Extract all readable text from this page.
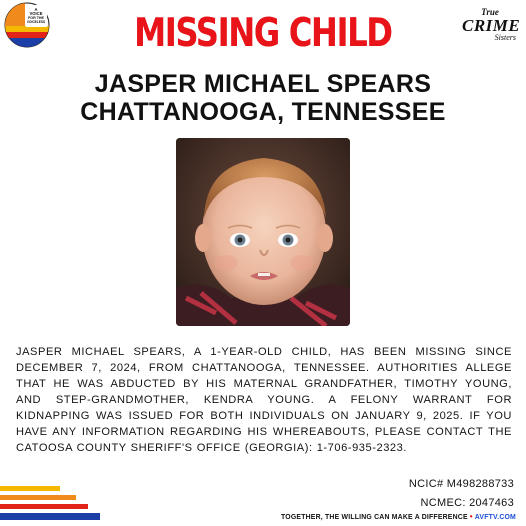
A
VOICE
FOR THE
VOICELESS
True
CRIME
Sisters
MISSING CHILD
JASPER MICHAEL SPEARS
CHATTANOOGA, TENNESSEE
JASPER MICHAEL SPEARS, A 1-YEAR-OLD CHILD, HAS BEEN MISSING SINCE DECEMBER 7, 2024, FROM CHATTANOOGA, TENNESSEE. AUTHORITIES ALLEGE THAT HE WAS ABDUCTED BY HIS MATERNAL GRANDFATHER, TIMOTHY YOUNG, AND STEP-GRANDMOTHER, KENDRA YOUNG. A FELONY WARRANT FOR KIDNAPPING WAS ISSUED FOR BOTH INDIVIDUALS ON JANUARY 9, 2025. IF YOU HAVE ANY INFORMATION REGARDING HIS WHEREABOUTS, PLEASE CONTACT THE CATOOSA COUNTY SHERIFF'S OFFICE (GEORGIA): 1-706-935-2323.
NCIC# M498288733
NCMEC: 2047463
TOGETHER, THE WILLING CAN MAKE A DIFFERENCE • AVFTV.COM
